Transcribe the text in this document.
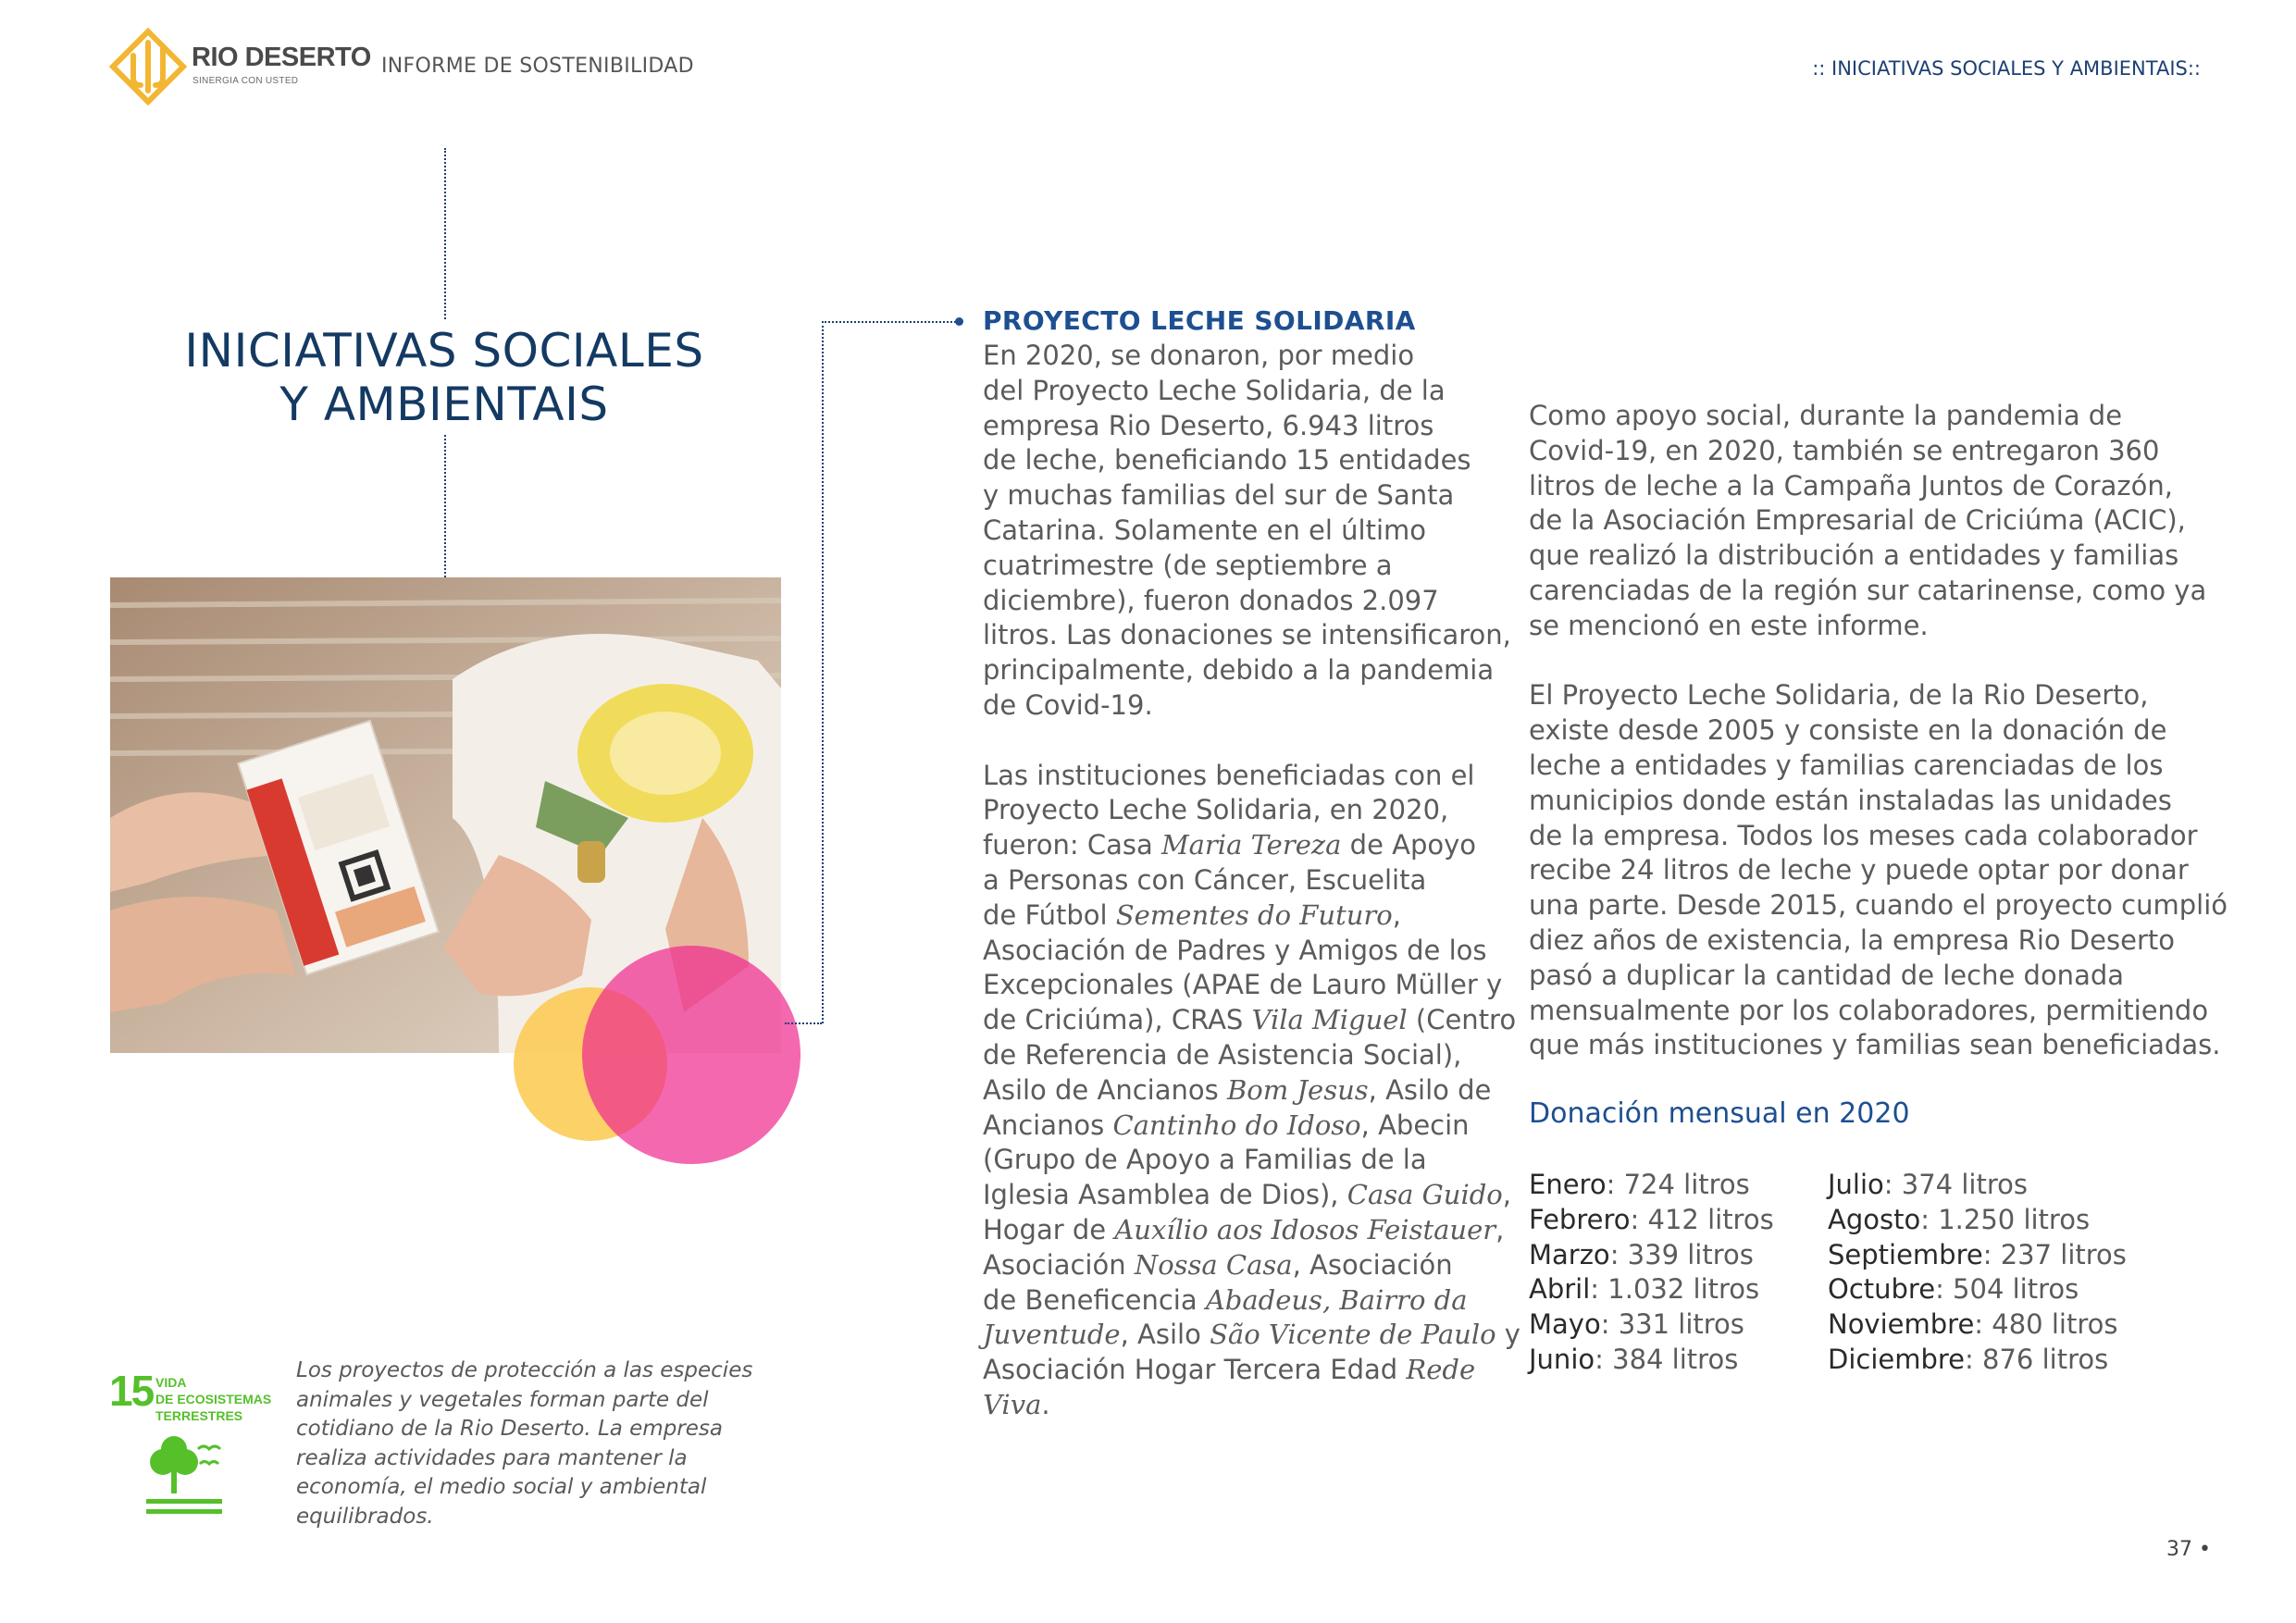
RIO DESERTO
SINERGIA CON USTED
INFORME DE SOSTENIBILIDAD	:: INICIATIVAS SOCIALES Y AMBIENTAIS::
INICIATIVAS SOCIALES
Y AMBIENTAIS
15 VIDA
DE ECOSISTEMAS
TERRESTRES
Los proyectos de protección a las especies
animales y vegetales forman parte del
cotidiano de la Rio Deserto. La empresa
realiza actividades para mantener la
economía, el medio social y ambiental
equilibrados.
PROYECTO LECHE SOLIDARIA
En 2020, se donaron, por medio
del Proyecto Leche Solidaria, de la
empresa Rio Deserto, 6.943 litros
de leche, beneficiando 15 entidades
y muchas familias del sur de Santa
Catarina. Solamente en el último
cuatrimestre (de septiembre a
diciembre), fueron donados 2.097
litros. Las donaciones se intensificaron,
principalmente, debido a la pandemia
de Covid-19.
Las instituciones beneficiadas con el
Proyecto Leche Solidaria, en 2020,
fueron: Casa Maria Tereza de Apoyo
a Personas con Cáncer, Escuelita
de Fútbol Sementes do Futuro,
Asociación de Padres y Amigos de los
Excepcionales (APAE de Lauro Müller y
de Criciúma), CRAS Vila Miguel (Centro
de Referencia de Asistencia Social),
Asilo de Ancianos Bom Jesus, Asilo de
Ancianos Cantinho do Idoso, Abecin
(Grupo de Apoyo a Familias de la
Iglesia Asamblea de Dios), Casa Guido,
Hogar de Auxílio aos Idosos Feistauer,
Asociación Nossa Casa, Asociación
de Beneficencia Abadeus, Bairro da
Juventude, Asilo São Vicente de Paulo y
Asociación Hogar Tercera Edad Rede
Viva.
Como apoyo social, durante la pandemia de
Covid-19, en 2020, también se entregaron 360
litros de leche a la Campaña Juntos de Corazón,
de la Asociación Empresarial de Criciúma (ACIC),
que realizó la distribución a entidades y familias
carenciadas de la región sur catarinense, como ya
se mencionó en este informe.
El Proyecto Leche Solidaria, de la Rio Deserto,
existe desde 2005 y consiste en la donación de
leche a entidades y familias carenciadas de los
municipios donde están instaladas las unidades
de la empresa. Todos los meses cada colaborador
recibe 24 litros de leche y puede optar por donar
una parte. Desde 2015, cuando el proyecto cumplió
diez años de existencia, la empresa Rio Deserto
pasó a duplicar la cantidad de leche donada
mensualmente por los colaboradores, permitiendo
que más instituciones y familias sean beneficiadas.
Donación mensual en 2020
Enero: 724 litros
Febrero: 412 litros
Marzo: 339 litros
Abril: 1.032 litros
Mayo: 331 litros
Junio: 384 litros
Julio: 374 litros
Agosto: 1.250 litros
Septiembre: 237 litros
Octubre: 504 litros
Noviembre: 480 litros
Diciembre: 876 litros
37 •
